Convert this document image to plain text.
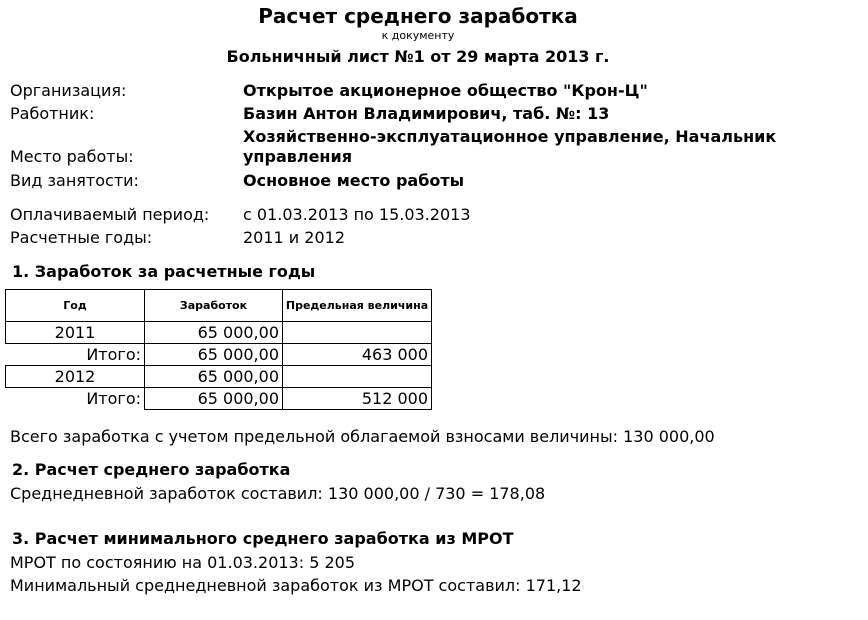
Расчет среднего заработка
к документу
Больничный лист №1 от 29 марта 2013 г.
Организация:	Открытое акционерное общество "Крон-Ц"
Работник:	Базин Антон Владимирович, таб. №: 13
Место работы:
Хозяйственно-эксплуатационное управление, Начальник управления
Вид занятости:	Основное место работы
Оплачиваемый период: с 01.03.2013 по 15.03.2013
Расчетные годы:	2011 и 2012
1. Заработок за расчетные годы
Год	Заработок	Предельная величина
2011	65 000,00	
Итого:	65 000,00	463 000
2012	65 000,00	
Итого:	65 000,00	512 000
Всего заработка с учетом предельной облагаемой взносами величины: 130 000,00
2. Расчет среднего заработка
Среднедневной заработок составил: 130 000,00 / 730 = 178,08
3. Расчет минимального среднего заработка из МРОТ
МРОТ по состоянию на 01.03.2013: 5 205
Минимальный среднедневной заработок из МРОТ составил: 171,12
